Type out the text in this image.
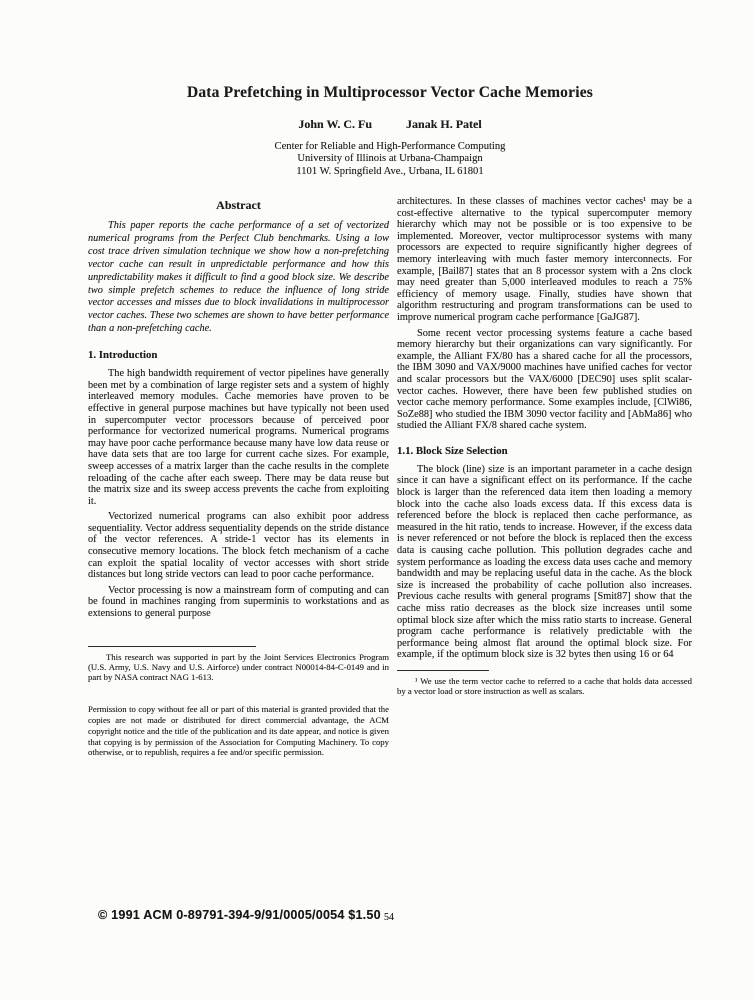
Data Prefetching in Multiprocessor Vector Cache Memories
John W. C. Fu	Janak H. Patel
Center for Reliable and High-Performance Computing
University of Illinois at Urbana-Champaign
1101 W. Springfield Ave., Urbana, IL 61801
Abstract

This paper reports the cache performance of a set of vectorized numerical programs from the Perfect Club benchmarks. Using a low cost trace driven simulation technique we show how a non-prefetching vector cache can result in unpredictable performance and how this unpredictability makes it difficult to find a good block size. We describe two simple prefetch schemes to reduce the influence of long stride vector accesses and misses due to block invalidations in multiprocessor vector caches. These two schemes are shown to have better performance than a non-prefetching cache.

1. Introduction

The high bandwidth requirement of vector pipelines have generally been met by a combination of large register sets and a system of highly interleaved memory modules. Cache memories have proven to be effective in general purpose machines but have typically not been used in supercomputer vector processors because of perceived poor performance for vectorized numerical programs. Numerical programs may have poor cache performance because many have low data reuse or have data sets that are too large for current cache sizes. For example, sweep accesses of a matrix larger than the cache results in the complete reloading of the cache after each sweep. There may be data reuse but the matrix size and its sweep access prevents the cache from exploiting it.

Vectorized numerical programs can also exhibit poor address sequentiality. Vector address sequentiality depends on the stride distance of the vector references. A stride-1 vector has its elements in consecutive memory locations. The block fetch mechanism of a cache can exploit the spatial locality of vector accesses with short stride distances but long stride vectors can lead to poor cache performance.

Vector processing is now a mainstream form of computing and can be found in machines ranging from superminis to workstations and as extensions to general purpose

This research was supported in part by the Joint Services Electronics Program (U.S. Army, U.S. Navy and U.S. Airforce) under contract N00014-84-C-0149 and in part by NASA contract NAG 1-613.

Permission to copy without fee all or part of this material is granted provided that the copies are not made or distributed for direct commercial advantage, the ACM copyright notice and the title of the publication and its date appear, and notice is given that copying is by permission of the Association for Computing Machinery. To copy otherwise, or to republish, requires a fee and/or specific permission.

architectures. In these classes of machines vector caches¹ may be a cost-effective alternative to the typical supercomputer memory hierarchy which may not be possible or is too expensive to be implemented. Moreover, vector multiprocessor systems with many processors are expected to require significantly higher degrees of memory interleaving with much faster memory interconnects. For example, [Bail87] states that an 8 processor system with a 2ns clock may need greater than 5,000 interleaved modules to reach a 75% efficiency of memory usage. Finally, studies have shown that algorithm restructuring and program transformations can be used to improve numerical program cache performance [GaJG87].

Some recent vector processing systems feature a cache based memory hierarchy but their organizations can vary significantly. For example, the Alliant FX/80 has a shared cache for all the processors, the IBM 3090 and VAX/9000 machines have unified caches for vector and scalar processors but the VAX/6000 [DEC90] uses split scalar-vector caches. However, there have been few published studies on vector cache memory performance. Some examples include, [ClWi86, SoZe88] who studied the IBM 3090 vector facility and [AbMa86] who studied the Alliant FX/8 shared cache system.

1.1. Block Size Selection

The block (line) size is an important parameter in a cache design since it can have a significant effect on its performance. If the cache block is larger than the referenced data item then loading a memory block into the cache also loads excess data. If this excess data is referenced before the block is replaced then cache performance, as measured in the hit ratio, tends to increase. However, if the excess data is never referenced or not before the block is replaced then the excess data is causing cache pollution. This pollution degrades cache and system performance as loading the excess data uses cache and memory bandwidth and may be replacing useful data in the cache. As the block size is increased the probability of cache pollution also increases. Previous cache results with general programs [Smit87] show that the cache miss ratio decreases as the block size increases until some optimal block size after which the miss ratio starts to increase. General program cache performance is relatively predictable with the performance being almost flat around the optimal block size. For example, if the optimum block size is 32 bytes then using 16 or 64

¹ We use the term vector cache to referred to a cache that holds data accessed by a vector load or store instruction as well as scalars.

© 1991 ACM 0-89791-394-9/91/0005/0054 $1.50 54
